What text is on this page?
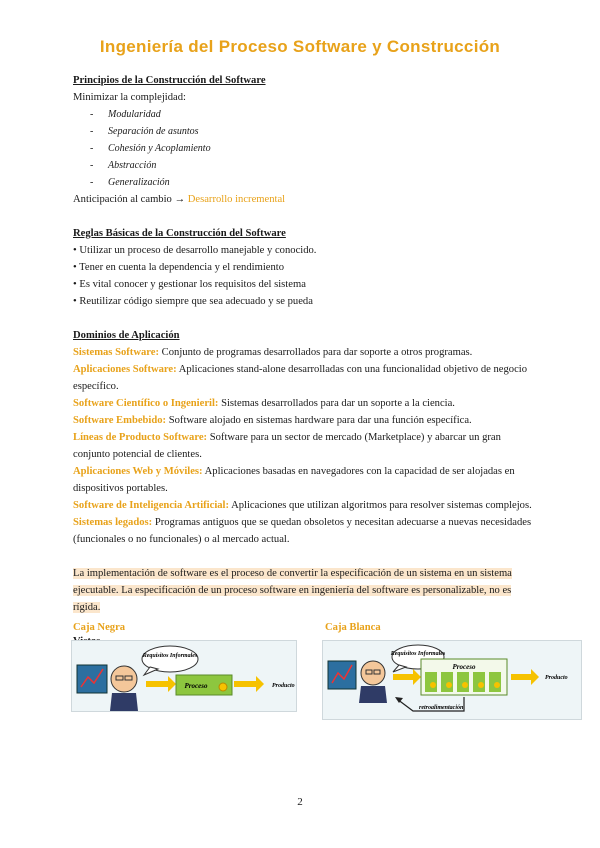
Ingeniería del Proceso Software y Construcción

Principios de la Construcción del Software

Minimizar la complejidad:

- Modularidad
- Separación de asuntos
- Cohesión y Acoplamiento
- Abstracción
- Generalización

Anticipación al cambio → Desarrollo incremental

Reglas Básicas de la Construcción del Software

• Utilizar un proceso de desarrollo manejable y conocido.

• Tener en cuenta la dependencia y el rendimiento

• Es vital conocer y gestionar los requisitos del sistema

• Reutilizar código siempre que sea adecuado y se pueda

Dominios de Aplicación

Sistemas Software: Conjunto de programas desarrollados para dar soporte a otros programas.

Aplicaciones Software: Aplicaciones stand-alone desarrolladas con una funcionalidad objetivo de negocio específico.

Software Científico o Ingenieril: Sistemas desarrollados para dar un soporte a la ciencia.

Software Embebido: Software alojado en sistemas hardware para dar una función específica.

Líneas de Producto Software: Software para un sector de mercado (Marketplace) y abarcar un gran conjunto potencial de clientes.

Aplicaciones Web y Móviles: Aplicaciones basadas en navegadores con la capacidad de ser alojadas en dispositivos portables.

Software de Inteligencia Artificial: Aplicaciones que utilizan algoritmos para resolver sistemas complejos.

Sistemas legados: Programas antiguos que se quedan obsoletos y necesitan adecuarse a nuevas necesidades (funcionales o no funcionales) o al mercado actual.

La implementación de software es el proceso de convertir la especificación de un sistema en un sistema ejecutable. La especificación de un proceso software en ingeniería del software es personalizable, no es rígida.

Caja Negra
Requisitos Informales
Proceso	Producto
Caja Blanca
Requisitos Informales
Proceso
Producto
retroalimentación
2
